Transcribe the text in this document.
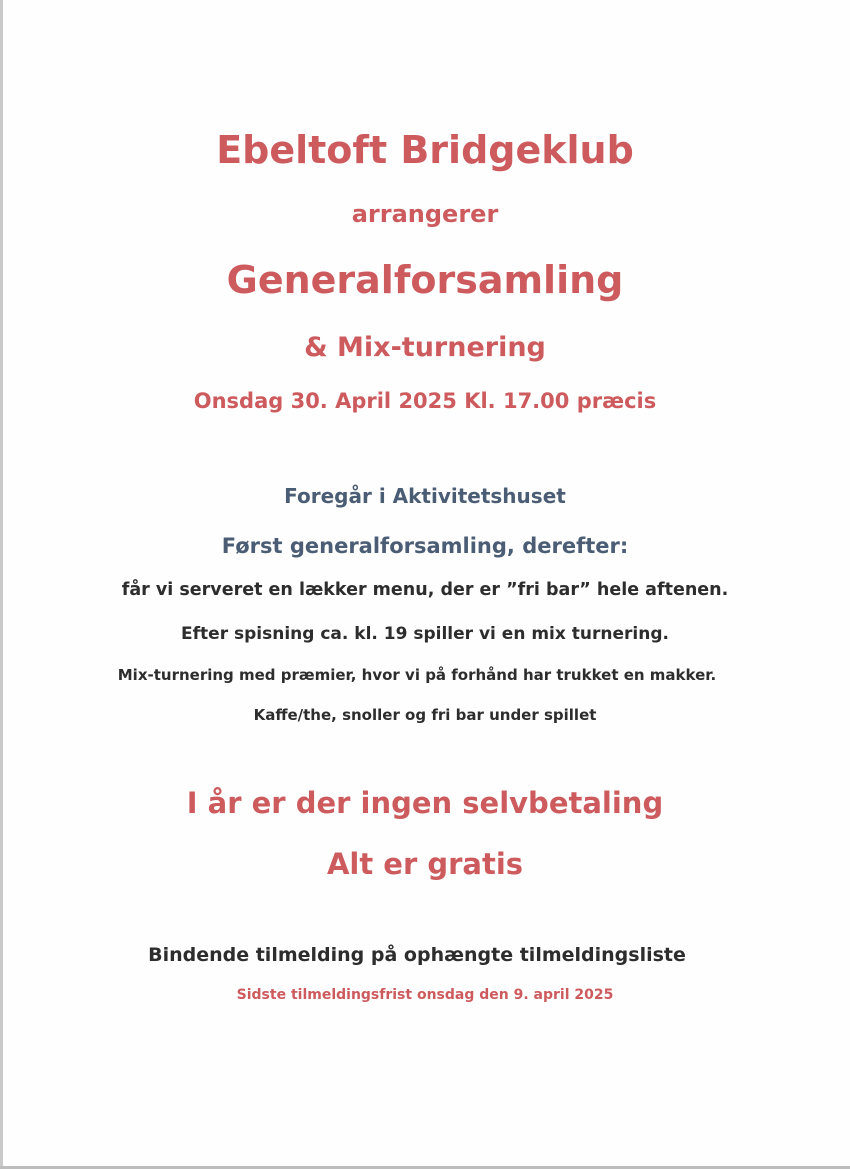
Ebeltoft Bridgeklub
arrangerer
Generalforsamling
& Mix-turnering
Onsdag 30. April 2025 Kl. 17.00 præcis
Foregår i Aktivitetshuset
Først generalforsamling, derefter:
får vi serveret en lækker menu, der er ”fri bar” hele aftenen.
Efter spisning ca. kl. 19 spiller vi en mix turnering.
Mix-turnering med præmier, hvor vi på forhånd har trukket en makker.
Kaffe/the, snoller og fri bar under spillet
I år er der ingen selvbetaling
Alt er gratis
Bindende tilmelding på ophængte tilmeldingsliste
Sidste tilmeldingsfrist onsdag den 9. april 2025
